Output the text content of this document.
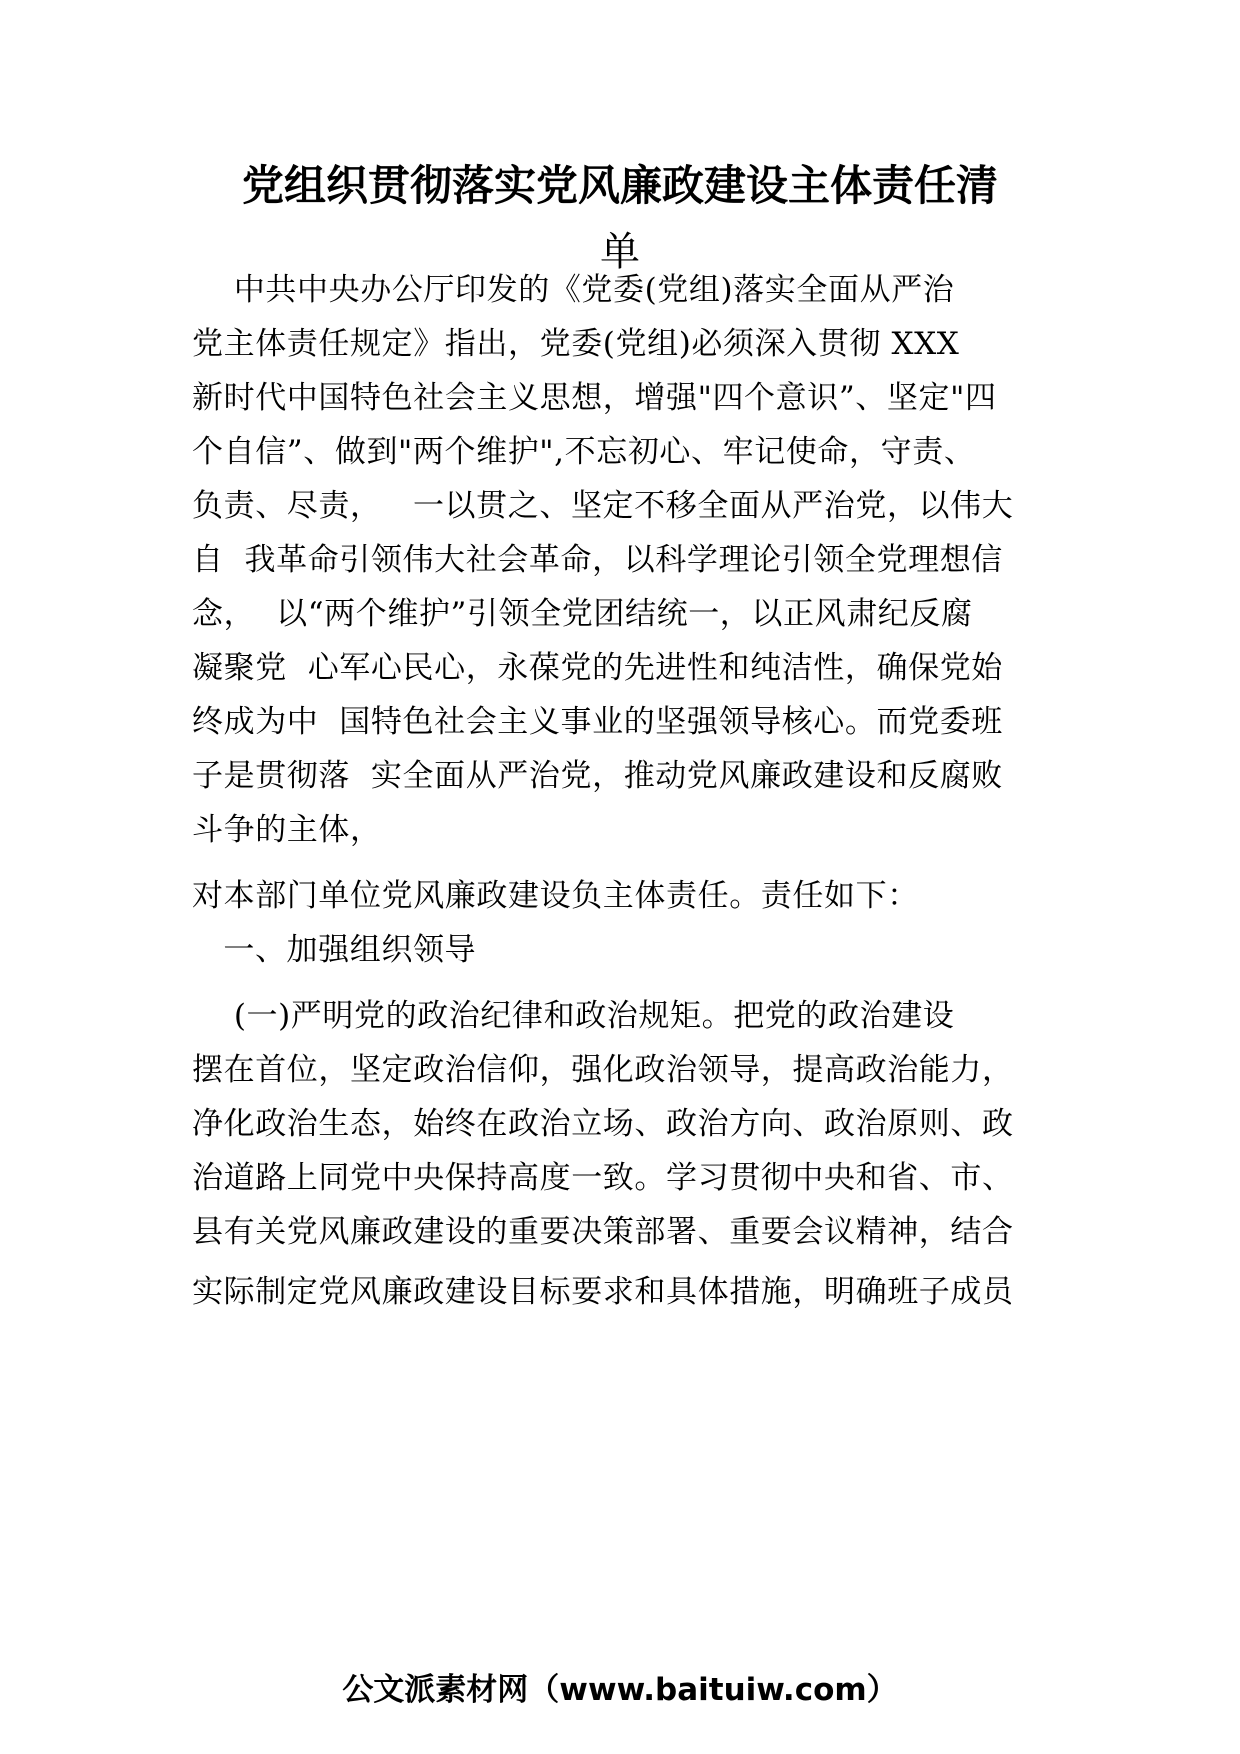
党组织贯彻落实党风廉政建设主体责任清
单
中共中央办公厅印发的《党委(党组)落实全面从严治
党主体责任规定》指出，党委(党组)必须深入贯彻 XXX
新时代中国特色社会主义思想，增强"四个意识”、坚定"四
个自信”、做到"两个维护",不忘初心、牢记使命，守责、
负责、尽责，   一以贯之、坚定不移全面从严治党，以伟大
自  我革命引领伟大社会革命，以科学理论引领全党理想信
念，  以“两个维护”引领全党团结统一，以正风肃纪反腐
凝聚党  心军心民心，永葆党的先进性和纯洁性，确保党始
终成为中  国特色社会主义事业的坚强领导核心。而党委班
子是贯彻落  实全面从严治党，推动党风廉政建设和反腐败
斗争的主体，
对本部门单位党风廉政建设负主体责任。责任如下：
一、加强组织领导
(一)严明党的政治纪律和政治规矩。把党的政治建设
摆在首位，坚定政治信仰，强化政治领导，提高政治能力，
净化政治生态，始终在政治立场、政治方向、政治原则、政
治道路上同党中央保持高度一致。学习贯彻中央和省、市、
县有关党风廉政建设的重要决策部署、重要会议精神，结合
实际制定党风廉政建设目标要求和具体措施，明确班子成员
公文派素材网（www.baituiw.com）
